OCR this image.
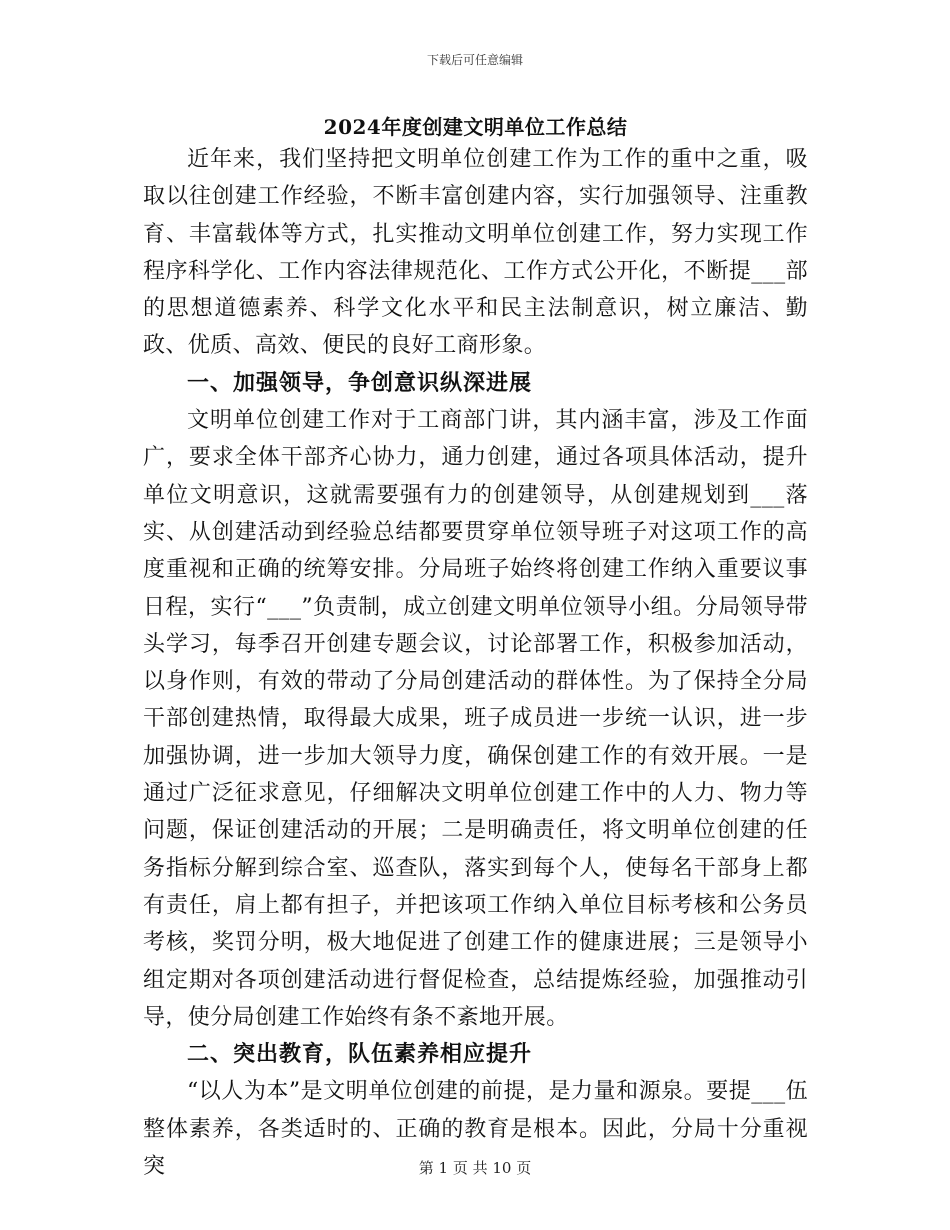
下载后可任意编辑
2024年度创建文明单位工作总结

近年来，我们坚持把文明单位创建工作为工作的重中之重，吸取以往创建工作经验，不断丰富创建内容，实行加强领导、注重教育、丰富载体等方式，扎实推动文明单位创建工作，努力实现工作程序科学化、工作内容法律规范化、工作方式公开化，不断提___部的思想道德素养、科学文化水平和民主法制意识，树立廉洁、勤政、优质、高效、便民的良好工商形象。

一、加强领导，争创意识纵深进展

文明单位创建工作对于工商部门讲，其内涵丰富，涉及工作面广，要求全体干部齐心协力，通力创建，通过各项具体活动，提升单位文明意识，这就需要强有力的创建领导，从创建规划到___落实、从创建活动到经验总结都要贯穿单位领导班子对这项工作的高度重视和正确的统筹安排。分局班子始终将创建工作纳入重要议事日程，实行“___”负责制，成立创建文明单位领导小组。分局领导带头学习，每季召开创建专题会议，讨论部署工作，积极参加活动，以身作则，有效的带动了分局创建活动的群体性。为了保持全分局干部创建热情，取得最大成果，班子成员进一步统一认识，进一步加强协调，进一步加大领导力度，确保创建工作的有效开展。一是通过广泛征求意见，仔细解决文明单位创建工作中的人力、物力等问题，保证创建活动的开展；二是明确责任，将文明单位创建的任务指标分解到综合室、巡查队，落实到每个人，使每名干部身上都有责任，肩上都有担子，并把该项工作纳入单位目标考核和公务员考核，奖罚分明，极大地促进了创建工作的健康进展；三是领导小组定期对各项创建活动进行督促检查，总结提炼经验，加强推动引导，使分局创建工作始终有条不紊地开展。

二、突出教育，队伍素养相应提升

“以人为本”是文明单位创建的前提，是力量和源泉。要提___伍整体素养，各类适时的、正确的教育是根本。因此，分局十分重视突	第 1 页 共 10 页
